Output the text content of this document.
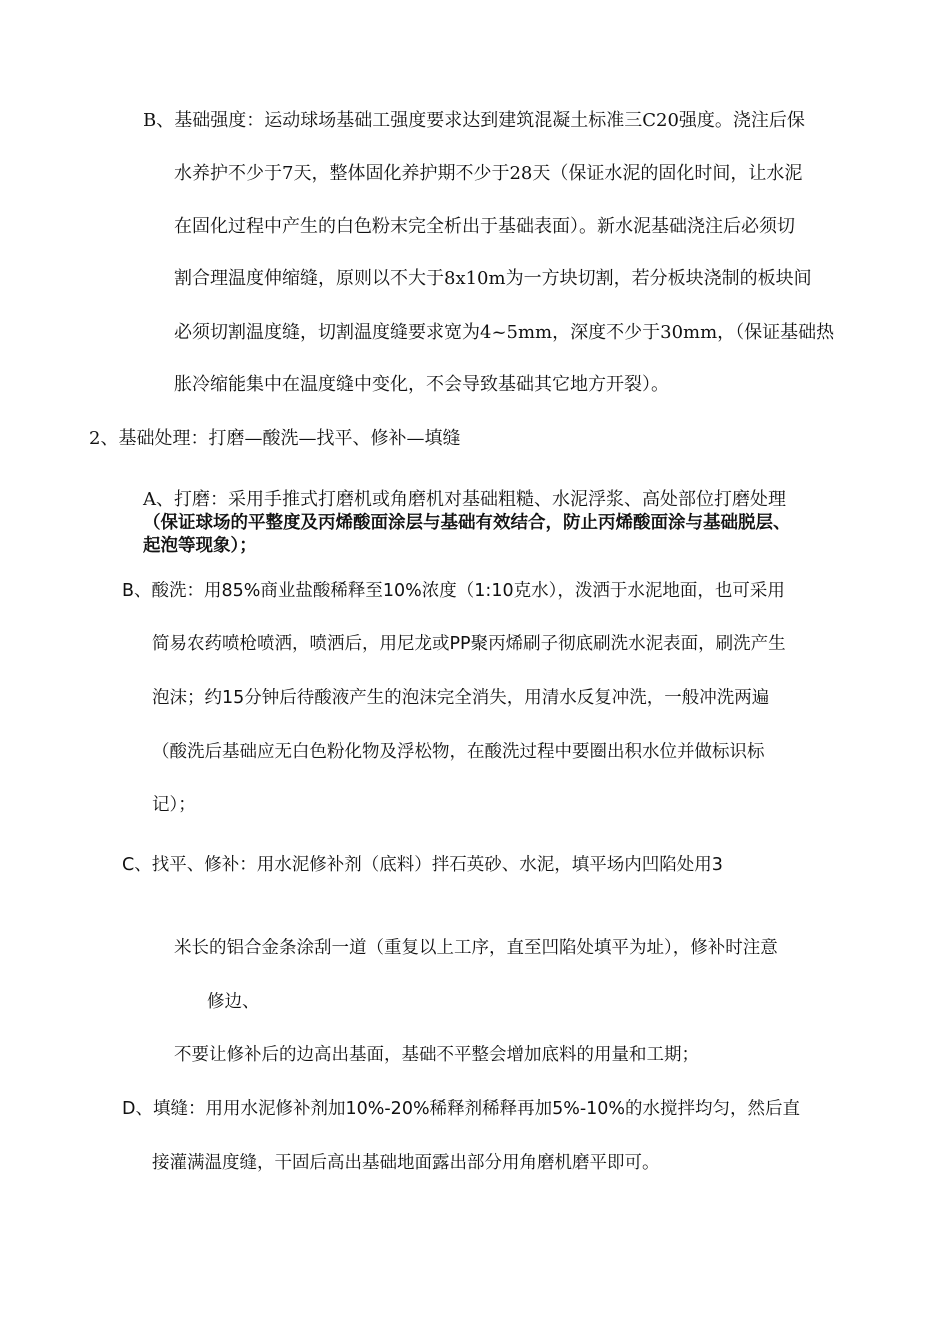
B、基础强度：运动球场基础工强度要求达到建筑混凝土标准三C20强度。浇注后保

水养护不少于7天，整体固化养护期不少于28天（保证水泥的固化时间，让水泥

在固化过程中产生的白色粉末完全析出于基础表面）。新水泥基础浇注后必须切

割合理温度伸缩缝，原则以不大于8x10m为一方块切割，若分板块浇制的板块间

必须切割温度缝，切割温度缝要求宽为4~5mm，深度不少于30mm，（保证基础热

胀冷缩能集中在温度缝中变化，不会导致基础其它地方开裂）。

2、基础处理：打磨—酸洗—找平、修补—填缝

A、打磨：采用手推式打磨机或角磨机对基础粗糙、水泥浮浆、高处部位打磨处理

（保证球场的平整度及丙烯酸面涂层与基础有效结合，防止丙烯酸面涂与基础脱层、

起泡等现象）；

B、酸洗：用85%商业盐酸稀释至10%浓度（1:10克水），泼洒于水泥地面，也可采用

简易农药喷枪喷洒，喷洒后，用尼龙或PP聚丙烯刷子彻底刷洗水泥表面，刷洗产生

泡沫；约15分钟后待酸液产生的泡沫完全消失，用清水反复冲洗，一般冲洗两遍

（酸洗后基础应无白色粉化物及浮松物，在酸洗过程中要圈出积水位并做标识标

记）；

C、找平、修补：用水泥修补剂（底料）拌石英砂、水泥，填平场内凹陷处用3

米长的铝合金条涂刮一道（重复以上工序，直至凹陷处填平为址），修补时注意

修边、

不要让修补后的边高出基面，基础不平整会增加底料的用量和工期；

D、填缝：用用水泥修补剂加10%-20%稀释剂稀释再加5%-10%的水搅拌均匀，然后直

接灌满温度缝，干固后高出基础地面露出部分用角磨机磨平即可。
